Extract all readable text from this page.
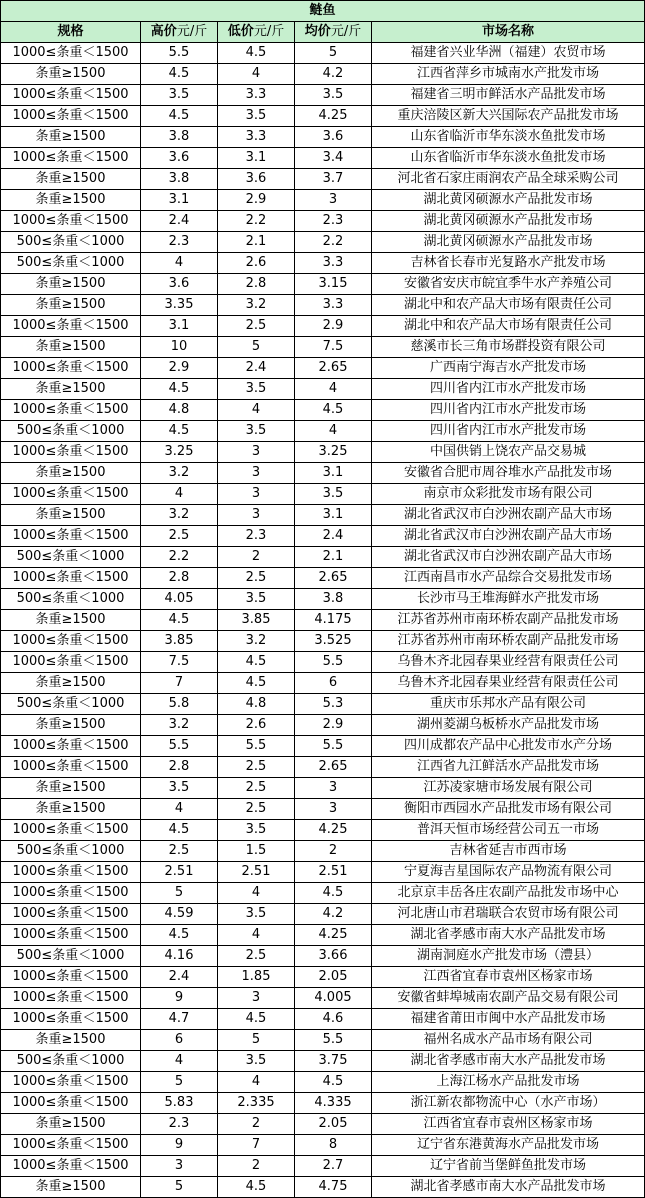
鲢鱼				
规格	高价元/斤	低价元/斤	均价元/斤	市场名称
1000≤条重＜1500	5.5	4.5	5	福建省兴业华洲（福建）农贸市场
条重≥1500	4.5	4	4.2	江西省萍乡市城南水产批发市场
1000≤条重＜1500	3.5	3.3	3.5	福建省三明市鲜活水产品批发市场
1000≤条重＜1500	4.5	3.5	4.25	重庆涪陵区新大兴国际农产品批发市场
条重≥1500	3.8	3.3	3.6	山东省临沂市华东淡水鱼批发市场
1000≤条重＜1500	3.6	3.1	3.4	山东省临沂市华东淡水鱼批发市场
条重≥1500	3.8	3.6	3.7	河北省石家庄雨润农产品全球采购公司
条重≥1500	3.1	2.9	3	湖北黄冈硕源水产品批发市场
1000≤条重＜1500	2.4	2.2	2.3	湖北黄冈硕源水产品批发市场
500≤条重＜1000	2.3	2.1	2.2	湖北黄冈硕源水产品批发市场
500≤条重＜1000	4	2.6	3.3	吉林省长春市光复路水产批发市场
条重≥1500	3.6	2.8	3.15	安徽省安庆市皖宜季牛水产养殖公司
条重≥1500	3.35	3.2	3.3	湖北中和农产品大市场有限责任公司
1000≤条重＜1500	3.1	2.5	2.9	湖北中和农产品大市场有限责任公司
条重≥1500	10	5	7.5	慈溪市长三角市场群投资有限公司
1000≤条重＜1500	2.9	2.4	2.65	广西南宁海吉水产批发市场
条重≥1500	4.5	3.5	4	四川省内江市水产批发市场
1000≤条重＜1500	4.8	4	4.5	四川省内江市水产批发市场
500≤条重＜1000	4.5	3.5	4	四川省内江市水产批发市场
1000≤条重＜1500	3.25	3	3.25	中国供销上饶农产品交易城
条重≥1500	3.2	3	3.1	安徽省合肥市周谷堆水产品批发市场
1000≤条重＜1500	4	3	3.5	南京市众彩批发市场有限公司
条重≥1500	3.2	3	3.1	湖北省武汉市白沙洲农副产品大市场
1000≤条重＜1500	2.5	2.3	2.4	湖北省武汉市白沙洲农副产品大市场
500≤条重＜1000	2.2	2	2.1	湖北省武汉市白沙洲农副产品大市场
1000≤条重＜1500	2.8	2.5	2.65	江西南昌市水产品综合交易批发市场
500≤条重＜1000	4.05	3.5	3.8	长沙市马王堆海鲜水产批发市场
条重≥1500	4.5	3.85	4.175	江苏省苏州市南环桥农副产品批发市场
1000≤条重＜1500	3.85	3.2	3.525	江苏省苏州市南环桥农副产品批发市场
1000≤条重＜1500	7.5	4.5	5.5	乌鲁木齐北园春果业经营有限责任公司
条重≥1500	7	4.5	6	乌鲁木齐北园春果业经营有限责任公司
500≤条重＜1000	5.8	4.8	5.3	重庆市乐邦水产品有限公司
条重≥1500	3.2	2.6	2.9	湖州菱湖乌板桥水产品批发市场
1000≤条重＜1500	5.5	5.5	5.5	四川成都农产品中心批发市水产分场
1000≤条重＜1500	2.8	2.5	2.65	江西省九江鲜活水产品批发市场
条重≥1500	3.5	2.5	3	江苏凌家塘市场发展有限公司
条重≥1500	4	2.5	3	衡阳市西园水产品批发市场有限公司
1000≤条重＜1500	4.5	3.5	4.25	普洱天恒市场经营公司五一市场
500≤条重＜1000	2.5	1.5	2	吉林省延吉市西市场
1000≤条重＜1500	2.51	2.51	2.51	宁夏海吉星国际农产品物流有限公司
1000≤条重＜1500	5	4	4.5	北京京丰岳各庄农副产品批发市场中心
1000≤条重＜1500	4.59	3.5	4.2	河北唐山市君瑞联合农贸市场有限公司
1000≤条重＜1500	4.5	4	4.25	湖北省孝感市南大水产品批发市场
500≤条重＜1000	4.16	2.5	3.66	湖南洞庭水产批发市场（澧县）
1000≤条重＜1500	2.4	1.85	2.05	江西省宜春市袁州区杨家市场
1000≤条重＜1500	9	3	4.005	安徽省蚌埠城南农副产品交易有限公司
1000≤条重＜1500	4.7	4.5	4.6	福建省莆田市闽中水产品批发市场
条重≥1500	6	5	5.5	福州名成水产品市场有限公司
500≤条重＜1000	4	3.5	3.75	湖北省孝感市南大水产品批发市场
1000≤条重＜1500	5	4	4.5	上海江杨水产品批发市场
1000≤条重＜1500	5.83	2.335	4.335	浙江新农都物流中心（水产市场）
条重≥1500	2.3	2	2.05	江西省宜春市袁州区杨家市场
1000≤条重＜1500	9	7	8	辽宁省东港黄海水产品批发市场
1000≤条重＜1500	3	2	2.7	辽宁省前当堡鲜鱼批发市场
条重≥1500	5	4.5	4.75	湖北省孝感市南大水产品批发市场
